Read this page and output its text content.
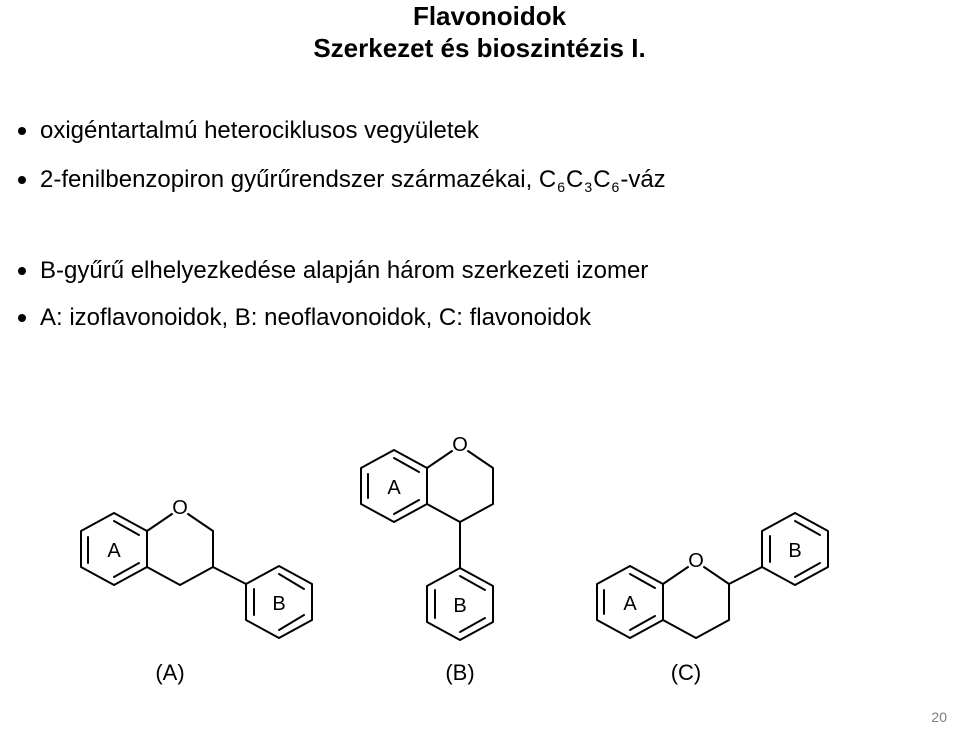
Flavonoidok
Szerkezet és bioszintézis I.
oxigéntartalmú heterociklusos vegyületek
2-fenilbenzopiron gyűrűrendszer származékai, $C_6C_3C_6$-váz
B-gyűrű elhelyezkedése alapján három szerkezeti izomer
A: izoflavonoidok, B: neoflavonoidok, C: flavonoidok
O
A
B
(A)
O
A
B
(B)
O
A
B
(C)
20
